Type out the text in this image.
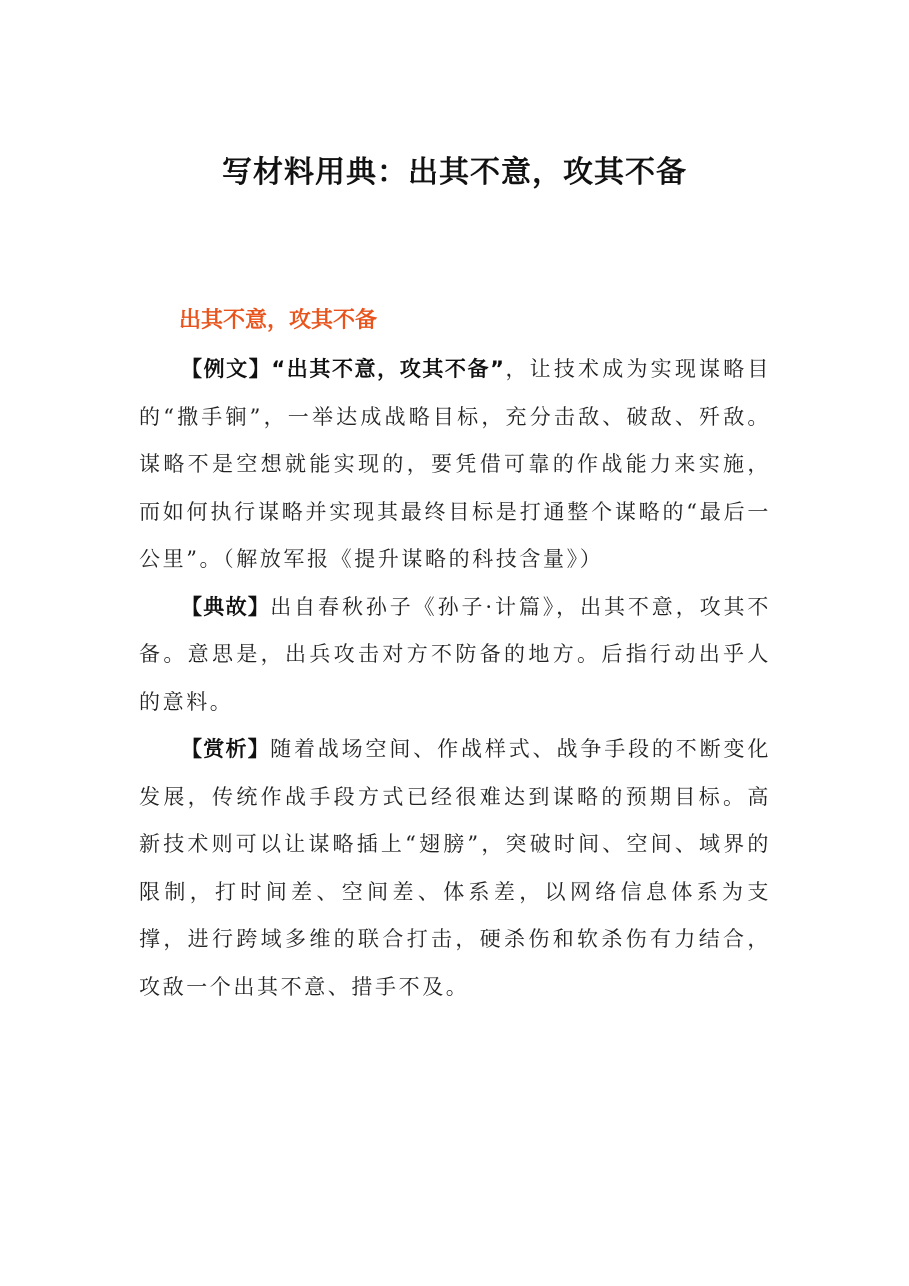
写材料用典：出其不意，攻其不备
出其不意，攻其不备

【例文】“出其不意，攻其不备”，让技术成为实现谋略目的“撒手锏”，一举达成战略目标，充分击敌、破敌、歼敌。谋略不是空想就能实现的，要凭借可靠的作战能力来实施，而如何执行谋略并实现其最终目标是打通整个谋略的“最后一公里”。（解放军报《提升谋略的科技含量》）

【典故】出自春秋孙子《孙子·计篇》，出其不意，攻其不备。意思是，出兵攻击对方不防备的地方。后指行动出乎人的意料。

【赏析】随着战场空间、作战样式、战争手段的不断变化发展，传统作战手段方式已经很难达到谋略的预期目标。高新技术则可以让谋略插上“翅膀”，突破时间、空间、域界的限制，打时间差、空间差、体系差，以网络信息体系为支撑，进行跨域多维的联合打击，硬杀伤和软杀伤有力结合，攻敌一个出其不意、措手不及。
